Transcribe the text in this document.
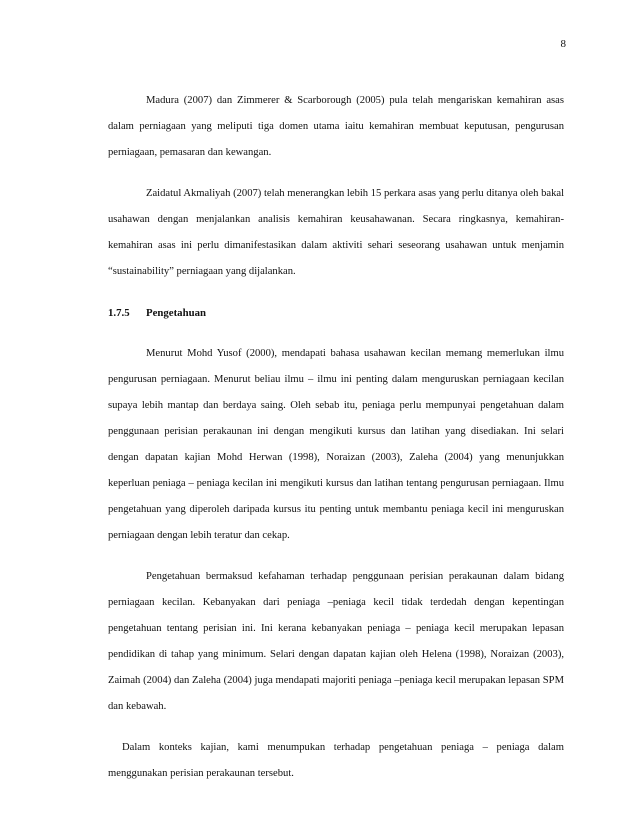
8

Madura (2007) dan Zimmerer & Scarborough (2005) pula telah mengariskan kemahiran asas dalam perniagaan yang meliputi tiga domen utama iaitu kemahiran membuat keputusan, pengurusan perniagaan, pemasaran dan kewangan.

Zaidatul Akmaliyah (2007) telah menerangkan lebih 15 perkara asas yang perlu ditanya oleh bakal usahawan dengan menjalankan analisis kemahiran keusahawanan. Secara ringkasnya, kemahiran-kemahiran asas ini perlu dimanifestasikan dalam aktiviti sehari seseorang usahawan untuk menjamin “sustainability” perniagaan yang dijalankan.

1.7.5 Pengetahuan

Menurut Mohd Yusof (2000), mendapati bahasa usahawan kecilan memang memerlukan ilmu pengurusan perniagaan. Menurut beliau ilmu – ilmu ini penting dalam menguruskan perniagaan kecilan supaya lebih mantap dan berdaya saing. Oleh sebab itu, peniaga perlu mempunyai pengetahuan dalam penggunaan perisian perakaunan ini dengan mengikuti kursus dan latihan yang disediakan. Ini selari dengan dapatan kajian Mohd Herwan (1998), Noraizan (2003), Zaleha (2004) yang menunjukkan keperluan peniaga – peniaga kecilan ini mengikuti kursus dan latihan tentang pengurusan perniagaan. Ilmu pengetahuan yang diperoleh daripada kursus itu penting untuk membantu peniaga kecil ini menguruskan perniagaan dengan lebih teratur dan cekap.

Pengetahuan bermaksud kefahaman terhadap penggunaan perisian perakaunan dalam bidang perniagaan kecilan. Kebanyakan dari peniaga –peniaga kecil tidak terdedah dengan kepentingan pengetahuan tentang perisian ini. Ini kerana kebanyakan peniaga – peniaga kecil merupakan lepasan pendidikan di tahap yang minimum. Selari dengan dapatan kajian oleh Helena (1998), Noraizan (2003), Zaimah (2004) dan Zaleha (2004) juga mendapati majoriti peniaga –peniaga kecil merupakan lepasan SPM dan kebawah.

Dalam konteks kajian, kami menumpukan terhadap pengetahuan peniaga – peniaga dalam menggunakan perisian perakaunan tersebut.
